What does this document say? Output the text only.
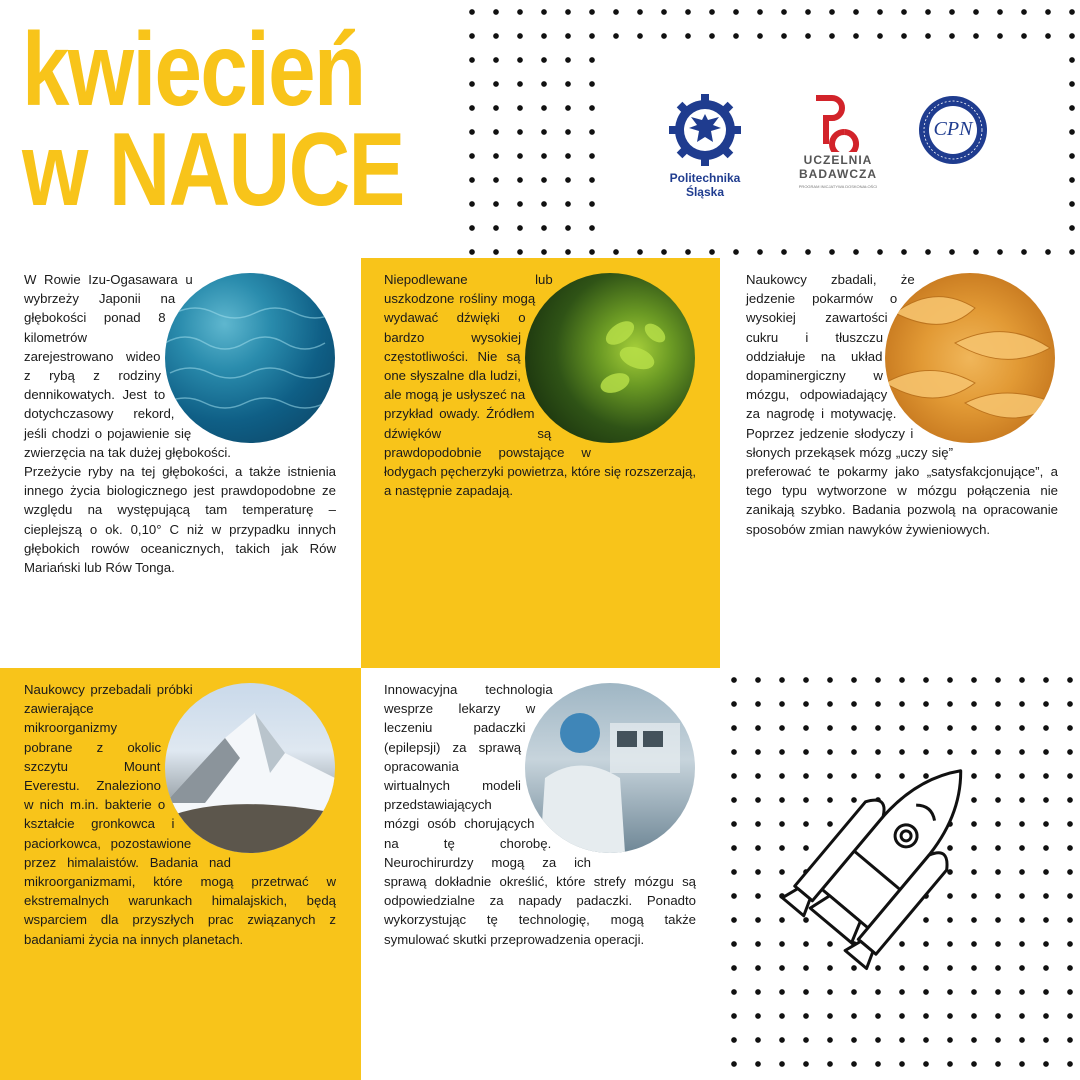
kwiecień
w NAUCE	Politechnika
Śląska
UCZELNIA
BADAWCZA
PROGRAM INICJATYWA DOSKONAŁOŚCI
CPN
W Rowie Izu-Ogasawara u wybrzeży Japonii na głębokości ponad 8 kilometrów zarejestrowano wideo z rybą z rodziny dennikowatych. Jest to dotychczasowy rekord, jeśli chodzi o pojawienie się zwierzęcia na tak dużej głębokości. Przeżycie ryby na tej głębokości, a także istnienia innego życia biologicznego jest prawdopodobne ze względu na występującą tam temperaturę – cieplejszą o ok. 0,10° C niż w przypadku innych głębokich rowów oceanicznych, takich jak Rów Mariański lub Rów Tonga.
Niepodlewane lub uszkodzone rośliny mogą wydawać dźwięki o bardzo wysokiej częstotliwości. Nie są one słyszalne dla ludzi, ale mogą je usłyszeć na przykład owady. Źródłem dźwięków są prawdopodobnie powstające w łodygach pęcherzyki powietrza, które się rozszerzają, a następnie zapadają.
Naukowcy zbadali, że jedzenie pokarmów o wysokiej zawartości cukru i tłuszczu oddziałuje na układ dopaminergiczny w mózgu, odpowiadający za nagrodę i motywację. Poprzez jedzenie słodyczy i słonych przekąsek mózg „uczy się” preferować te pokarmy jako „satysfakcjonujące”, a tego typu wytworzone w mózgu połączenia nie zanikają szybko. Badania pozwolą na opracowanie sposobów zmian nawyków żywieniowych.
Naukowcy przebadali próbki zawierające mikroorganizmy pobrane z okolic szczytu Mount Everestu. Znaleziono w nich m.in. bakterie o kształcie gronkowca i paciorkowca, pozostawione przez himalaistów. Badania nad mikroorganizmami, które mogą przetrwać w ekstremalnych warunkach himalajskich, będą wsparciem dla przyszłych prac związanych z badaniami życia na innych planetach.
Innowacyjna technologia wesprze lekarzy w leczeniu padaczki (epilepsji) za sprawą opracowania wirtualnych modeli przedstawiających mózgi osób chorujących na tę chorobę. Neurochirurdzy mogą za ich sprawą dokładnie określić, które strefy mózgu są odpowiedzialne za napady padaczki. Ponadto wykorzystując tę technologię, mogą także symulować skutki przeprowadzenia operacji.
